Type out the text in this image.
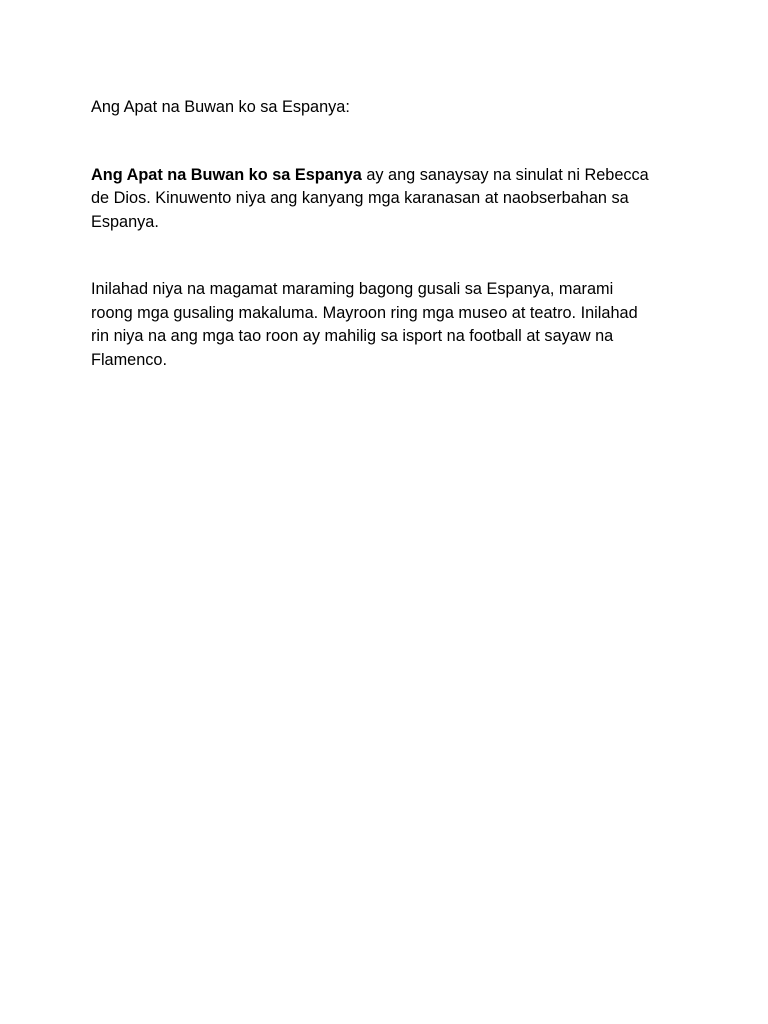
Ang Apat na Buwan ko sa Espanya:

Ang Apat na Buwan ko sa Espanya ay ang sanaysay na sinulat ni Rebecca
de Dios. Kinuwento niya ang kanyang mga karanasan at naobserbahan sa
Espanya.

Inilahad niya na magamat maraming bagong gusali sa Espanya, marami
roong mga gusaling makaluma. Mayroon ring mga museo at teatro. Inilahad
rin niya na ang mga tao roon ay mahilig sa isport na football at sayaw na
Flamenco.
